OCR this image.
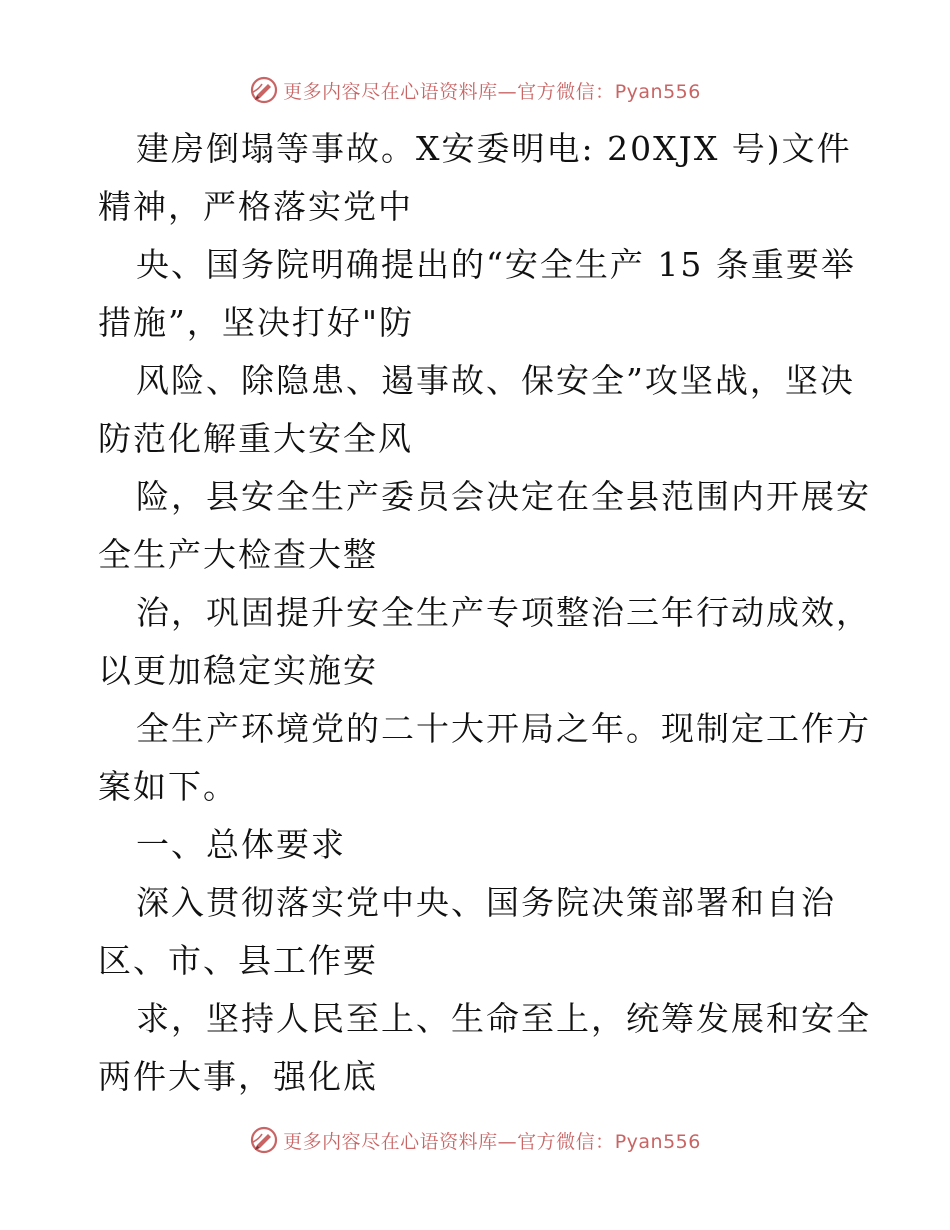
更多内容尽在心语资料库—官方微信：Pyan556
建房倒塌等事故。X安委明电: 20XJX 号)文件
精神，严格落实党中
央、国务院明确提出的“安全生产 15 条重要举
措施”，坚决打好"防
风险、除隐患、遏事故、保安全”攻坚战，坚决
防范化解重大安全风
险，县安全生产委员会决定在全县范围内开展安
全生产大检查大整
治，巩固提升安全生产专项整治三年行动成效，
以更加稳定实施安
全生产环境党的二十大开局之年。现制定工作方
案如下。
一、总体要求
深入贯彻落实党中央、国务院决策部署和自治
区、市、县工作要
求，坚持人民至上、生命至上，统筹发展和安全
两件大事，强化底
更多内容尽在心语资料库—官方微信：Pyan556
